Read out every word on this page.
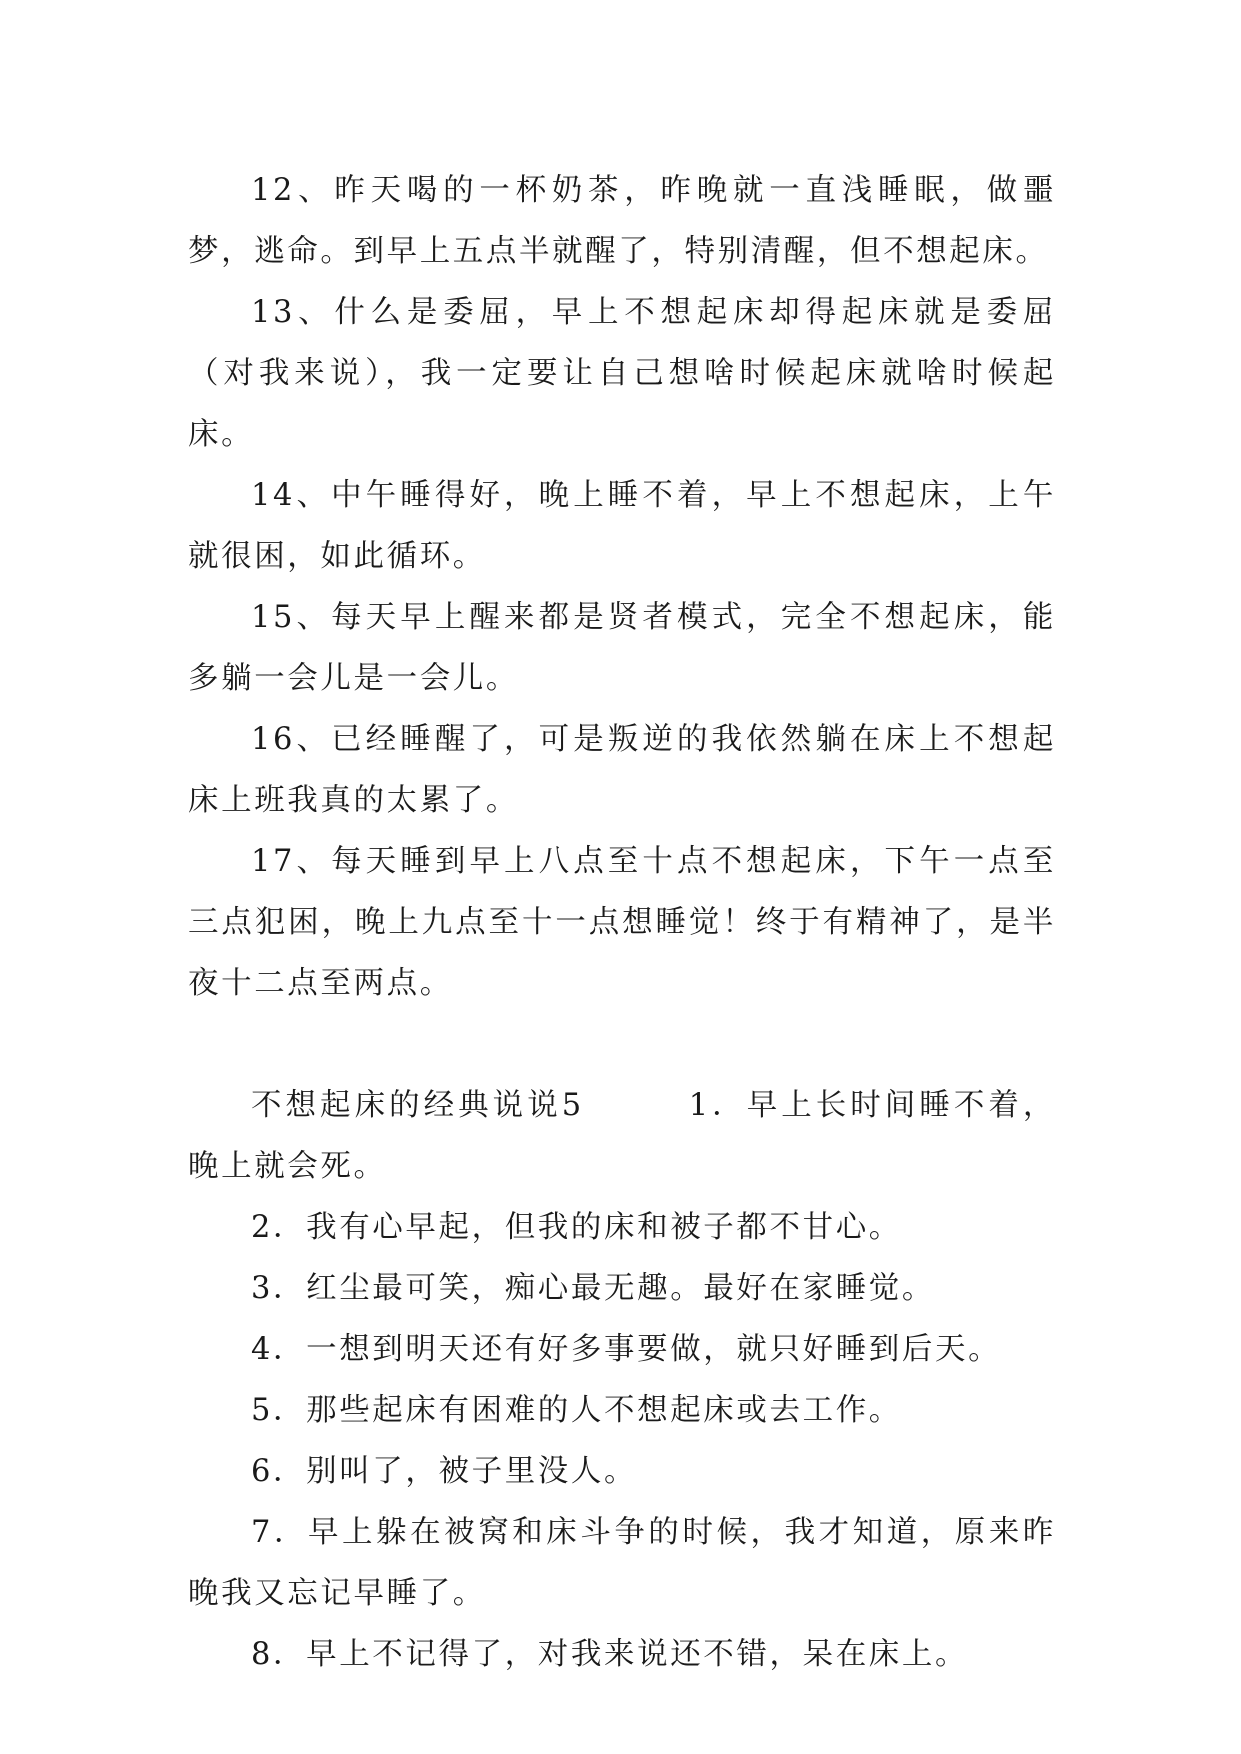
12、昨天喝的一杯奶茶，昨晚就一直浅睡眠，做噩梦，逃命。到早上五点半就醒了，特别清醒，但不想起床。

13、什么是委屈，早上不想起床却得起床就是委屈（对我来说），我一定要让自己想啥时候起床就啥时候起床。

14、中午睡得好，晚上睡不着，早上不想起床，上午就很困，如此循环。

15、每天早上醒来都是贤者模式，完全不想起床，能多躺一会儿是一会儿。

16、已经睡醒了，可是叛逆的我依然躺在床上不想起床上班我真的太累了。

17、每天睡到早上八点至十点不想起床，下午一点至三点犯困，晚上九点至十一点想睡觉！终于有精神了，是半夜十二点至两点。

不想起床的经典说说5　　　1．早上长时间睡不着，晚上就会死。

2．我有心早起，但我的床和被子都不甘心。

3．红尘最可笑，痴心最无趣。最好在家睡觉。

4．一想到明天还有好多事要做，就只好睡到后天。

5．那些起床有困难的人不想起床或去工作。

6．别叫了，被子里没人。

7．早上躲在被窝和床斗争的时候，我才知道，原来昨晚我又忘记早睡了。

8．早上不记得了，对我来说还不错，呆在床上。
